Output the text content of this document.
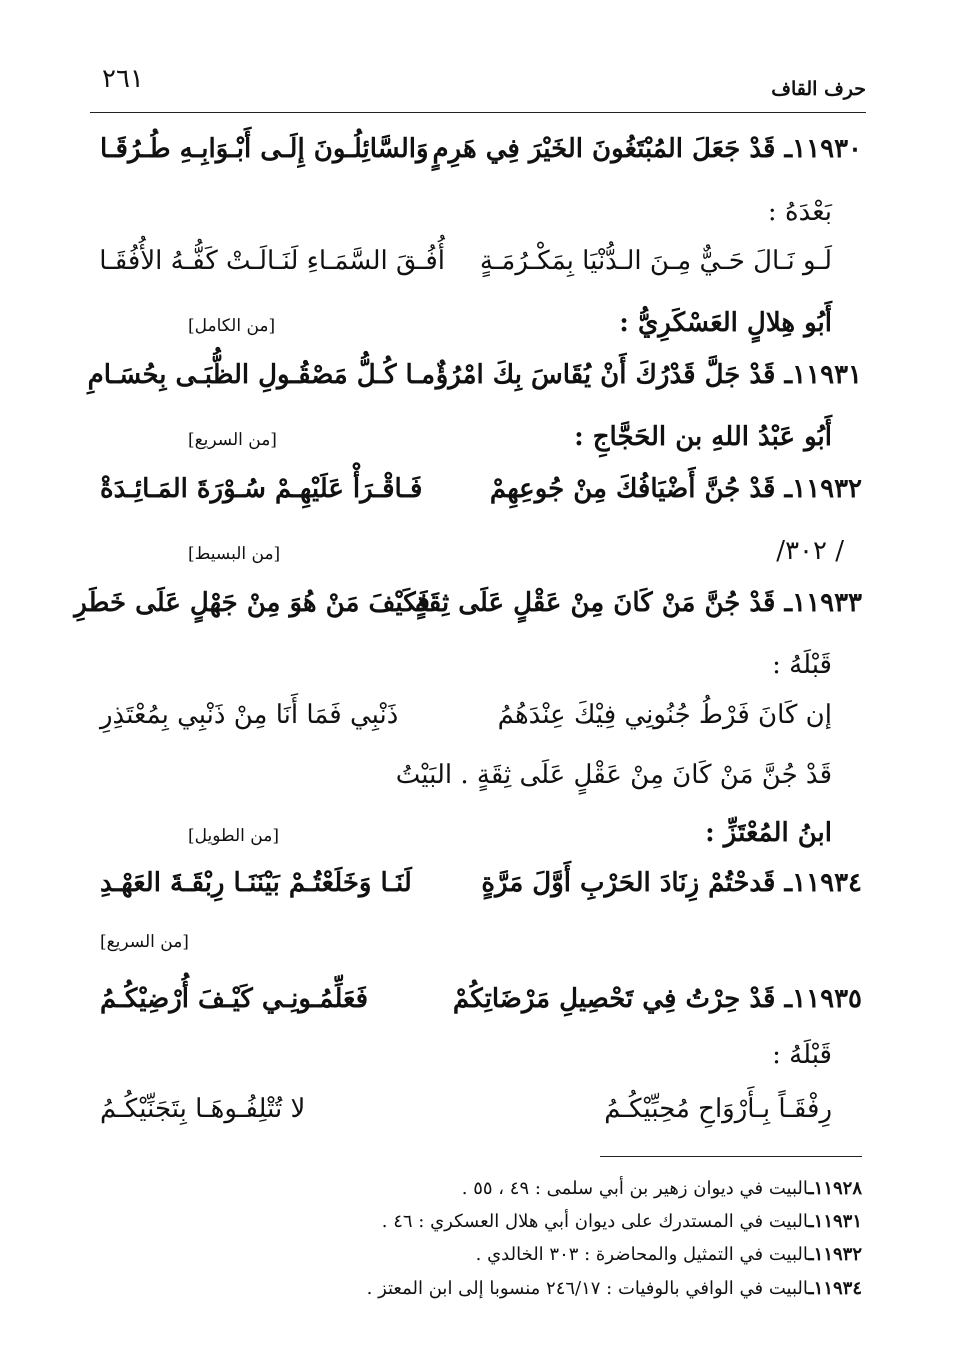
٢٦١	حرف القاف
١١٩٣٠ـ قَدْ جَعَلَ المُبْتَغُونَ الخَيْرَ فِي هَرِمٍ
وَالسَّائِلُـونَ إِلَـى أَبْـوَابِـهِ طُـرُقَـا
بَعْدَهُ :
لَـو نَـالَ حَـيٌّ مِـنَ الـدُّنْيَا بِمَكْـرُمَـةٍ
أُفُـقَ السَّمَـاءِ لَنَـالَـتْ كَفُّـهُ الأُفُقَـا
أَبُو هِلالٍ العَسْكَرِيُّ :
[من الكامل]
١١٩٣١ـ قَدْ جَلَّ قَدْرُكَ أَنْ يُقَاسَ بِكَ امْرُؤٌ
مـا كُـلُّ مَصْقُـولِ الظُّبَـى بِحُسَـامِ
أَبُو عَبْدُ اللهِ بن الحَجَّاجِ :
[من السريع]
١١٩٣٢ـ قَدْ جُنَّ أَضْيَافُكَ مِنْ جُوعِهِمْ
فَـاقْـرَأْ عَلَيْهِـمْ سُـوْرَةَ المَـائِـدَةْ
/ ٣٠٢/
[من البسيط]
١١٩٣٣ـ قَدْ جُنَّ مَنْ كَانَ مِنْ عَقْلٍ عَلَى ثِقَةٍ
فَكَيْفَ مَنْ هُوَ مِنْ جَهْلٍ عَلَى خَطَرِ
قَبْلَهُ :
إن كَانَ فَرْطُ جُنُونِي فِيْكَ عِنْدَهُمُ
ذَنْبِي فَمَا أَنَا مِنْ ذَنْبِي بِمُعْتَذِرِ
قَدْ جُنَّ مَنْ كَانَ مِنْ عَقْلٍ عَلَى ثِقَةٍ . البَيْتُ
ابنُ المُعْتَزِّ :
[من الطويل]
١١٩٣٤ـ قَدحْتُمْ زِنَادَ الحَرْبِ أَوَّلَ مَرَّةٍ
لَنَـا وَخَلَعْتُـمْ بَيْنَنَـا رِبْقَـةَ العَهْـدِ
[من السريع]
١١٩٣٥ـ قَدْ حِرْتُ فِي تَحْصِيلِ مَرْضَاتِكُمْ
فَعَلِّمُـونِـي كَيْـفَ أُرْضِيْكُـمُ
قَبْلَهُ :
رِفْقَـاً بِـأَرْوَاحِ مُحِبِّيْكُـمُ
لا تُتْلِفُـوهَـا بِتَجَنِّيْكُـمُ
١١٩٢٨ـالبيت في ديوان زهير بن أبي سلمى : ٤٩ ، ٥٥ .
١١٩٣١ـالبيت في المستدرك على ديوان أبي هلال العسكري : ٤٦ .
١١٩٣٢ـالبيت في التمثيل والمحاضرة : ٣٠٣ الخالدي .
١١٩٣٤ـالبيت في الوافي بالوفيات : ٢٤٦/١٧ منسوبا إلى ابن المعتز .
